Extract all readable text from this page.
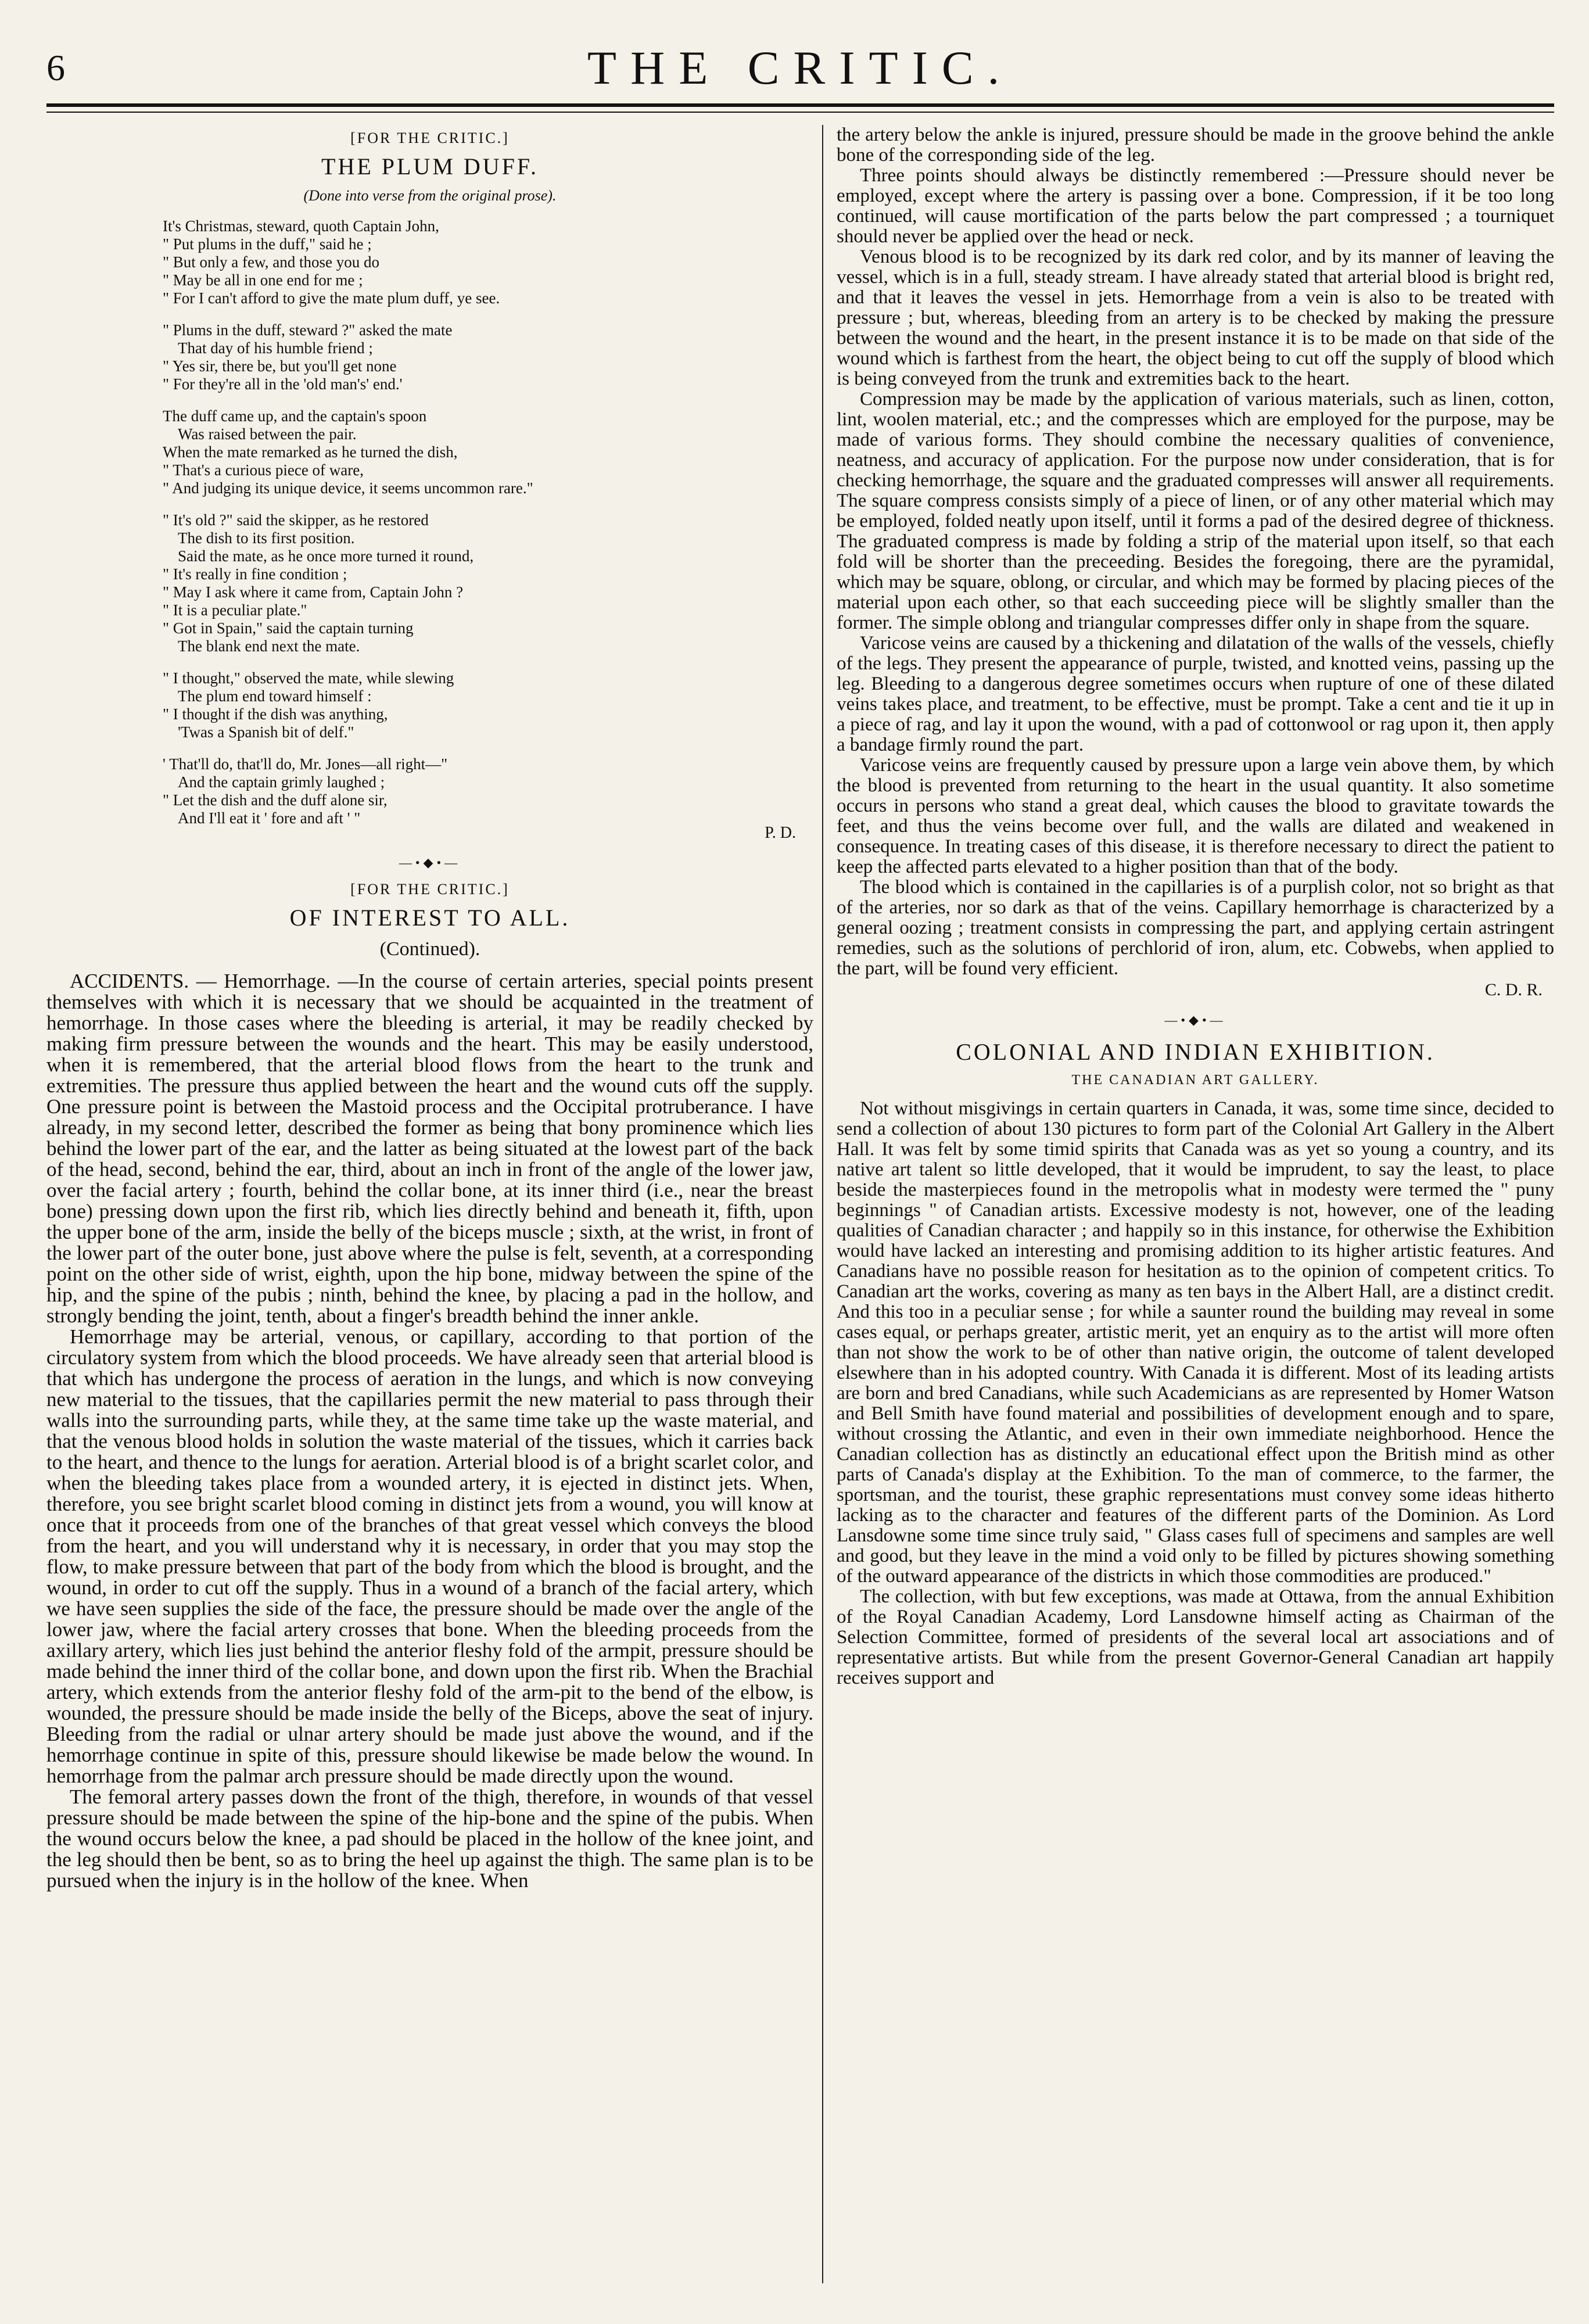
6	THE CRITIC.
[FOR THE CRITIC.]
THE PLUM DUFF.
(Done into verse from the original prose).
It's Christmas, steward, quoth Captain John,
" Put plums in the duff," said he ;
" But only a few, and those you do
" May be all in one end for me ;
" For I can't afford to give the mate plum duff, ye see.
" Plums in the duff, steward ?" asked the mate
That day of his humble friend ;
" Yes sir, there be, but you'll get none
" For they're all in the 'old man's' end.'
The duff came up, and the captain's spoon
Was raised between the pair.
When the mate remarked as he turned the dish,
" That's a curious piece of ware,
" And judging its unique device, it seems uncommon rare."
" It's old ?" said the skipper, as he restored
The dish to its first position.
Said the mate, as he once more turned it round,
" It's really in fine condition ;
" May I ask where it came from, Captain John ?
" It is a peculiar plate."
" Got in Spain," said the captain turning
The blank end next the mate.
" I thought," observed the mate, while slewing
The plum end toward himself :
" I thought if the dish was anything,
'Twas a Spanish bit of delf."
' That'll do, that'll do, Mr. Jones—all right—"
And the captain grimly laughed ;
" Let the dish and the duff alone sir,
And I'll eat it ' fore and aft ' "
P. D.
—•◆•—
[FOR THE CRITIC.]
OF INTEREST TO ALL.
(Continued).

ACCIDENTS. — Hemorrhage. —In the course of certain arteries, special points present themselves with which it is necessary that we should be acquainted in the treatment of hemorrhage. In those cases where the bleeding is arterial, it may be readily checked by making firm pressure between the wounds and the heart. This may be easily understood, when it is remembered, that the arterial blood flows from the heart to the trunk and extremities. The pressure thus applied between the heart and the wound cuts off the supply. One pressure point is between the Mastoid process and the Occipital protruberance. I have already, in my second letter, described the former as being that bony prominence which lies behind the lower part of the ear, and the latter as being situated at the lowest part of the back of the head, second, behind the ear, third, about an inch in front of the angle of the lower jaw, over the facial artery ; fourth, behind the collar bone, at its inner third (i.e., near the breast bone) pressing down upon the first rib, which lies directly behind and beneath it, fifth, upon the upper bone of the arm, inside the belly of the biceps muscle ; sixth, at the wrist, in front of the lower part of the outer bone, just above where the pulse is felt, seventh, at a corresponding point on the other side of wrist, eighth, upon the hip bone, midway between the spine of the hip, and the spine of the pubis ; ninth, behind the knee, by placing a pad in the hollow, and strongly bending the joint, tenth, about a finger's breadth behind the inner ankle.

Hemorrhage may be arterial, venous, or capillary, according to that portion of the circulatory system from which the blood proceeds. We have already seen that arterial blood is that which has undergone the process of aeration in the lungs, and which is now conveying new material to the tissues, that the capillaries permit the new material to pass through their walls into the surrounding parts, while they, at the same time take up the waste material, and that the venous blood holds in solution the waste material of the tissues, which it carries back to the heart, and thence to the lungs for aeration. Arterial blood is of a bright scarlet color, and when the bleeding takes place from a wounded artery, it is ejected in distinct jets. When, therefore, you see bright scarlet blood coming in distinct jets from a wound, you will know at once that it proceeds from one of the branches of that great vessel which conveys the blood from the heart, and you will understand why it is necessary, in order that you may stop the flow, to make pressure between that part of the body from which the blood is brought, and the wound, in order to cut off the supply. Thus in a wound of a branch of the facial artery, which we have seen supplies the side of the face, the pressure should be made over the angle of the lower jaw, where the facial artery crosses that bone. When the bleeding proceeds from the axillary artery, which lies just behind the anterior fleshy fold of the armpit, pressure should be made behind the inner third of the collar bone, and down upon the first rib. When the Brachial artery, which extends from the anterior fleshy fold of the arm-pit to the bend of the elbow, is wounded, the pressure should be made inside the belly of the Biceps, above the seat of injury. Bleeding from the radial or ulnar artery should be made just above the wound, and if the hemorrhage continue in spite of this, pressure should likewise be made below the wound. In hemorrhage from the palmar arch pressure should be made directly upon the wound.

The femoral artery passes down the front of the thigh, therefore, in wounds of that vessel pressure should be made between the spine of the hip-bone and the spine of the pubis. When the wound occurs below the knee, a pad should be placed in the hollow of the knee joint, and the leg should then be bent, so as to bring the heel up against the thigh. The same plan is to be pursued when the injury is in the hollow of the knee. When

the artery below the ankle is injured, pressure should be made in the groove behind the ankle bone of the corresponding side of the leg.

Three points should always be distinctly remembered :—Pressure should never be employed, except where the artery is passing over a bone. Compression, if it be too long continued, will cause mortification of the parts below the part compressed ; a tourniquet should never be applied over the head or neck.

Venous blood is to be recognized by its dark red color, and by its manner of leaving the vessel, which is in a full, steady stream. I have already stated that arterial blood is bright red, and that it leaves the vessel in jets. Hemorrhage from a vein is also to be treated with pressure ; but, whereas, bleeding from an artery is to be checked by making the pressure between the wound and the heart, in the present instance it is to be made on that side of the wound which is farthest from the heart, the object being to cut off the supply of blood which is being conveyed from the trunk and extremities back to the heart.

Compression may be made by the application of various materials, such as linen, cotton, lint, woolen material, etc.; and the compresses which are employed for the purpose, may be made of various forms. They should combine the necessary qualities of convenience, neatness, and accuracy of application. For the purpose now under consideration, that is for checking hemorrhage, the square and the graduated compresses will answer all requirements. The square compress consists simply of a piece of linen, or of any other material which may be employed, folded neatly upon itself, until it forms a pad of the desired degree of thickness. The graduated compress is made by folding a strip of the material upon itself, so that each fold will be shorter than the preceeding. Besides the foregoing, there are the pyramidal, which may be square, oblong, or circular, and which may be formed by placing pieces of the material upon each other, so that each succeeding piece will be slightly smaller than the former. The simple oblong and triangular compresses differ only in shape from the square.

Varicose veins are caused by a thickening and dilatation of the walls of the vessels, chiefly of the legs. They present the appearance of purple, twisted, and knotted veins, passing up the leg. Bleeding to a dangerous degree sometimes occurs when rupture of one of these dilated veins takes place, and treatment, to be effective, must be prompt. Take a cent and tie it up in a piece of rag, and lay it upon the wound, with a pad of cottonwool or rag upon it, then apply a bandage firmly round the part.

Varicose veins are frequently caused by pressure upon a large vein above them, by which the blood is prevented from returning to the heart in the usual quantity. It also sometime occurs in persons who stand a great deal, which causes the blood to gravitate towards the feet, and thus the veins become over full, and the walls are dilated and weakened in consequence. In treating cases of this disease, it is therefore necessary to direct the patient to keep the affected parts elevated to a higher position than that of the body.

The blood which is contained in the capillaries is of a purplish color, not so bright as that of the arteries, nor so dark as that of the veins. Capillary hemorrhage is characterized by a general oozing ; treatment consists in compressing the part, and applying certain astringent remedies, such as the solutions of perchlorid of iron, alum, etc. Cobwebs, when applied to the part, will be found very efficient.

C. D. R.
—•◆•—
COLONIAL AND INDIAN EXHIBITION.
THE CANADIAN ART GALLERY.

Not without misgivings in certain quarters in Canada, it was, some time since, decided to send a collection of about 130 pictures to form part of the Colonial Art Gallery in the Albert Hall. It was felt by some timid spirits that Canada was as yet so young a country, and its native art talent so little developed, that it would be imprudent, to say the least, to place beside the masterpieces found in the metropolis what in modesty were termed the " puny beginnings " of Canadian artists. Excessive modesty is not, however, one of the leading qualities of Canadian character ; and happily so in this instance, for otherwise the Exhibition would have lacked an interesting and promising addition to its higher artistic features. And Canadians have no possible reason for hesitation as to the opinion of competent critics. To Canadian art the works, covering as many as ten bays in the Albert Hall, are a distinct credit. And this too in a peculiar sense ; for while a saunter round the building may reveal in some cases equal, or perhaps greater, artistic merit, yet an enquiry as to the artist will more often than not show the work to be of other than native origin, the outcome of talent developed elsewhere than in his adopted country. With Canada it is different. Most of its leading artists are born and bred Canadians, while such Academicians as are represented by Homer Watson and Bell Smith have found material and possibilities of development enough and to spare, without crossing the Atlantic, and even in their own immediate neighborhood. Hence the Canadian collection has as distinctly an educational effect upon the British mind as other parts of Canada's display at the Exhibition. To the man of commerce, to the farmer, the sportsman, and the tourist, these graphic representations must convey some ideas hitherto lacking as to the character and features of the different parts of the Dominion. As Lord Lansdowne some time since truly said, " Glass cases full of specimens and samples are well and good, but they leave in the mind a void only to be filled by pictures showing something of the outward appearance of the districts in which those commodities are produced."

The collection, with but few exceptions, was made at Ottawa, from the annual Exhibition of the Royal Canadian Academy, Lord Lansdowne himself acting as Chairman of the Selection Committee, formed of presidents of the several local art associations and of representative artists. But while from the present Governor-General Canadian art happily receives support and
